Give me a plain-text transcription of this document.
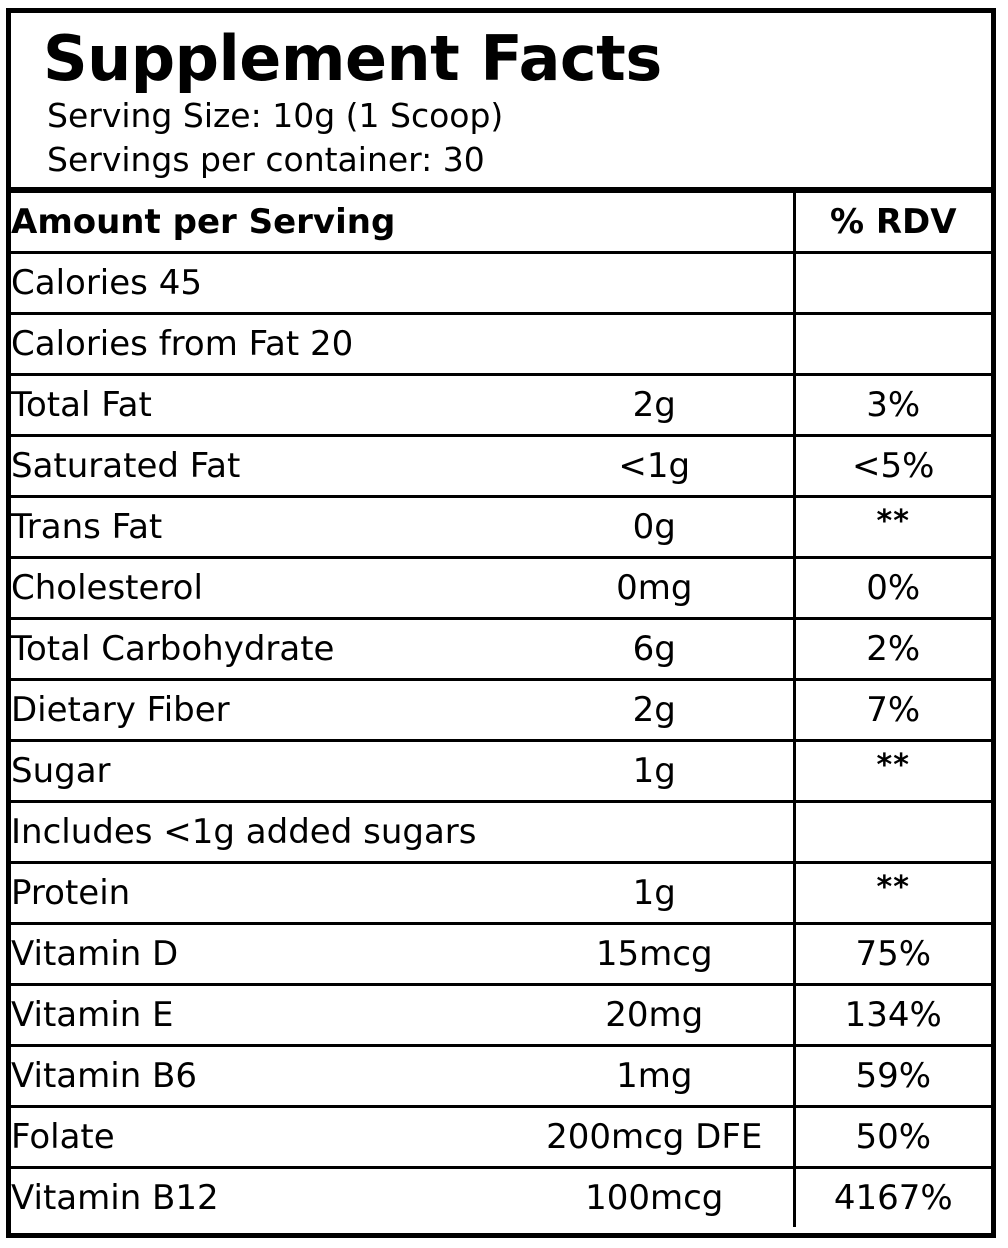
Supplement Facts
Serving Size: 10g (1 Scoop)
Servings per container: 30
Amount per Serving		% RDV
Calories 45		
Calories from Fat 20		
Total Fat	2g	3%
Saturated Fat	<1g	<5%
Trans Fat	0g	**
Cholesterol	0mg	0%
Total Carbohydrate	6g	2%
Dietary Fiber	2g	7%
Sugar	1g	**
Includes <1g added sugars		
Protein	1g	**
Vitamin D	15mcg	75%
Vitamin E	20mg	134%
Vitamin B6	1mg	59%
Folate	200mcg DFE	50%
Vitamin B12	100mcg	4167%
